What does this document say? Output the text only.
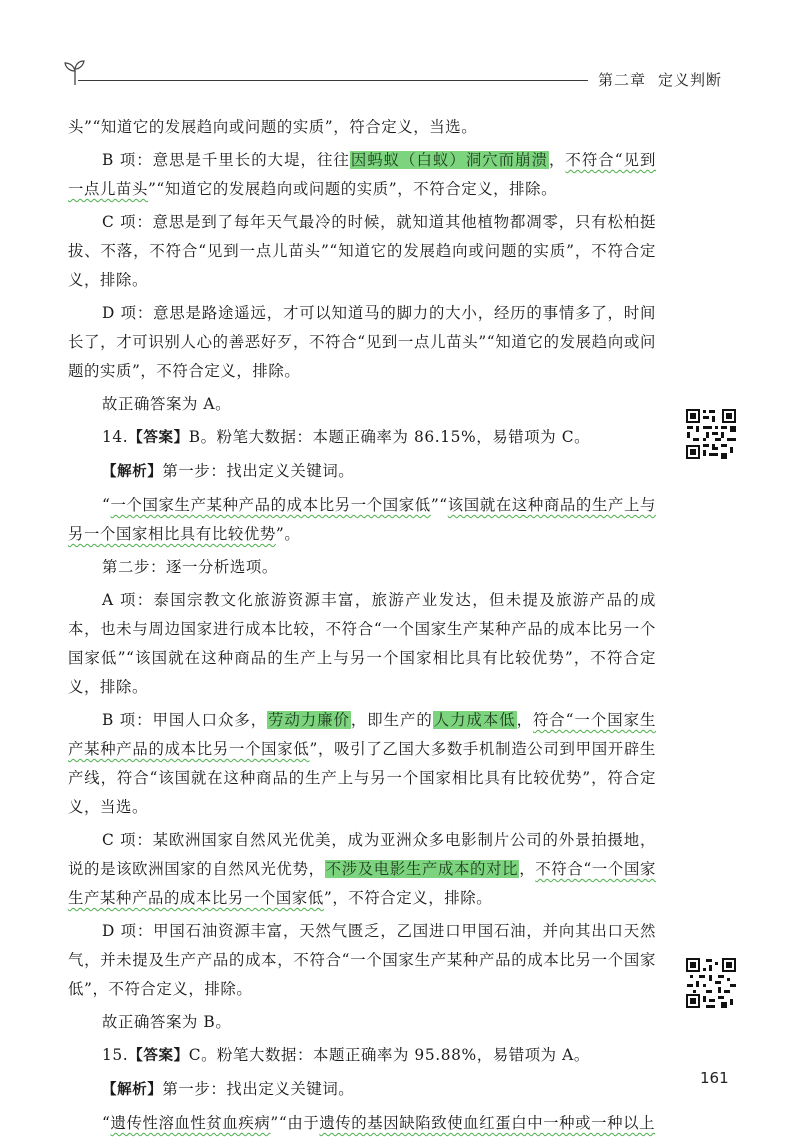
第二章 定义判断

头”“知道它的发展趋向或问题的实质”，符合定义，当选。

B 项：意思是千里长的大堤，往往因蚂蚁（白蚁）洞穴而崩溃，不符合“见到一点儿苗头”“知道它的发展趋向或问题的实质”，不符合定义，排除。

C 项：意思是到了每年天气最冷的时候，就知道其他植物都凋零，只有松柏挺拔、不落，不符合“见到一点儿苗头”“知道它的发展趋向或问题的实质”，不符合定义，排除。

D 项：意思是路途遥远，才可以知道马的脚力的大小，经历的事情多了，时间长了，才可识别人心的善恶好歹，不符合“见到一点儿苗头”“知道它的发展趋向或问题的实质”，不符合定义，排除。

故正确答案为 A。

14.【答案】B。粉笔大数据：本题正确率为 86.15%，易错项为 C。

【解析】第一步：找出定义关键词。

“一个国家生产某种产品的成本比另一个国家低”“该国就在这种商品的生产上与另一个国家相比具有比较优势”。

第二步：逐一分析选项。

A 项：泰国宗教文化旅游资源丰富，旅游产业发达，但未提及旅游产品的成本，也未与周边国家进行成本比较，不符合“一个国家生产某种产品的成本比另一个国家低”“该国就在这种商品的生产上与另一个国家相比具有比较优势”，不符合定义，排除。

B 项：甲国人口众多，劳动力廉价，即生产的人力成本低，符合“一个国家生产某种产品的成本比另一个国家低”，吸引了乙国大多数手机制造公司到甲国开辟生产线，符合“该国就在这种商品的生产上与另一个国家相比具有比较优势”，符合定义，当选。

C 项：某欧洲国家自然风光优美，成为亚洲众多电影制片公司的外景拍摄地，说的是该欧洲国家的自然风光优势，不涉及电影生产成本的对比，不符合“一个国家生产某种产品的成本比另一个国家低”，不符合定义，排除。

D 项：甲国石油资源丰富，天然气匮乏，乙国进口甲国石油，并向其出口天然气，并未提及生产产品的成本，不符合“一个国家生产某种产品的成本比另一个国家低”，不符合定义，排除。

故正确答案为 B。

15.【答案】C。粉笔大数据：本题正确率为 95.88%，易错项为 A。

【解析】第一步：找出定义关键词。

“遗传性溶血性贫血疾病”“由于遗传的基因缺陷致使血红蛋白中一种或一种以上

161
